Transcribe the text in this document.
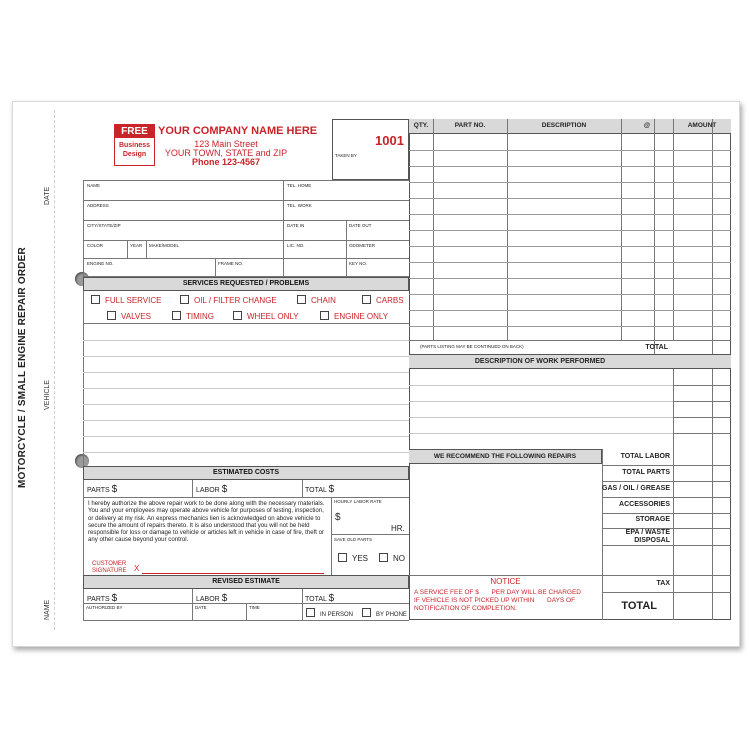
MOTORCYCLE / SMALL ENGINE REPAIR ORDER
DATE
VEHICLE
NAME
FREE
Business
Design
YOUR COMPANY NAME HERE
123 Main Street
YOUR TOWN, STATE and ZIP
Phone 123-4567
1001
TAKEN BY
NAME	TEL. HOME
ADDRESS	TEL. WORK
CITY/STATE/ZIP	DATE IN	DATE OUT
COLOR	YEAR MAKE/MODEL	LIC. NO.	ODOMETER
ENGINE NO.	FRAME NO.	KEY NO.
SERVICES REQUESTED / PROBLEMS
FULL SERVICE	OIL / FILTER CHANGE	CHAIN	CARBS
VALVES	TIMING	WHEEL ONLY	ENGINE ONLY
ESTIMATED COSTS
PARTS $	LABOR $	TOTAL $
I hereby authorize the above repair work to be done along with the necessary materials. You and your employees may operate above vehicle for purposes of testing, inspection, or delivery at my risk. An express mechanics lien is acknowledged on above vehicle to secure the amount of repairs thereto. It is also understood that you will not be held responsible for loss or damage to vehicle or articles left in vehicle in case of fire, theft or any other cause beyond your control.
HOURLY LABOR RATE
$
HR.
SAVE OLD PARTS
YES	NO
CUSTOMER
SIGNATURE X
REVISED ESTIMATE
PARTS $	LABOR $	TOTAL $
AUTHORIZED BY	DATE	TIME
IN PERSON	BY PHONE
QTY.	PART NO.	DESCRIPTION	@	AMOUNT
(PARTS LISTING MAY BE CONTINUED ON BACK)	TOTAL
DESCRIPTION OF WORK PERFORMED
WE RECOMMEND THE FOLLOWING REPAIRS	TOTAL LABOR
TOTAL PARTS
GAS / OIL / GREASE
ACCESSORIES
STORAGE
EPA / WASTE
DISPOSAL
TAX
TOTAL
NOTICE
A SERVICE FEE OF $       PER DAY WILL BE CHARGED
IF VEHICLE IS NOT PICKED UP WITHIN       DAYS OF
NOTIFICATION OF COMPLETION.
